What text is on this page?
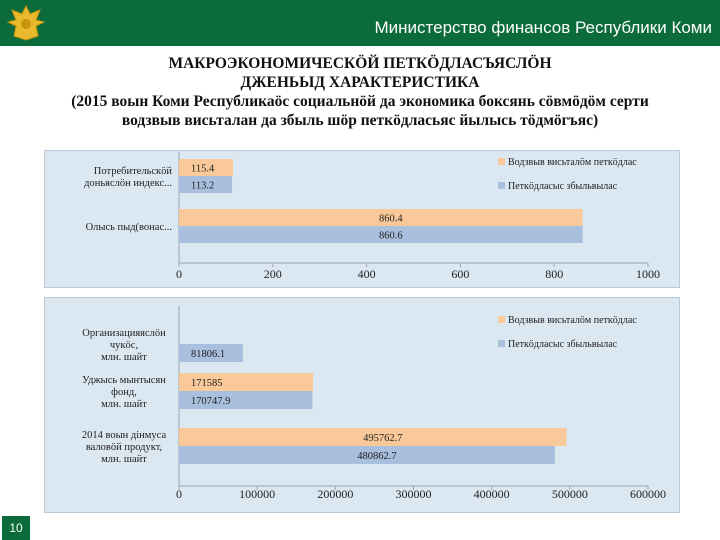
Министерство финансов Республики Коми
МАКРОЭКОНОМИЧЕСКӦЙ ПЕТКӦДЛАСЪЯСЛӦН
ДЖЕНЬЫД ХАРАКТЕРИСТИКА
(2015 воын Коми Республикаӧс социальнӧй да экономика боксянь сӧвмӧдӧм серти
водзвыв висьталан да збыль шӧр петкӧдласьяс йылысь тӧдмӧгъяс)
0	200	400	600	800	1000
Потребительскӧй
доньяслӧн индекс...
115.4
113.2
Олысь пыд(вонас...
860.4
860.6
Водзвыв висьталӧм петкӧдлас
Петкӧдласыс збыльвылас
0	100000	200000	300000	400000	500000	600000
Организацияяслӧн
чукӧс,
млн. шайт	81806.1
Уджысь мынтысян
фонд,
млн. шайт
171585
170747.9
2014 воын дiнмуса
валовӧй продукт,
млн. шайт
495762.7
480862.7
Водзвыв висьталӧм петкӧдлас
Петкӧдласыс збыльвылас
10
